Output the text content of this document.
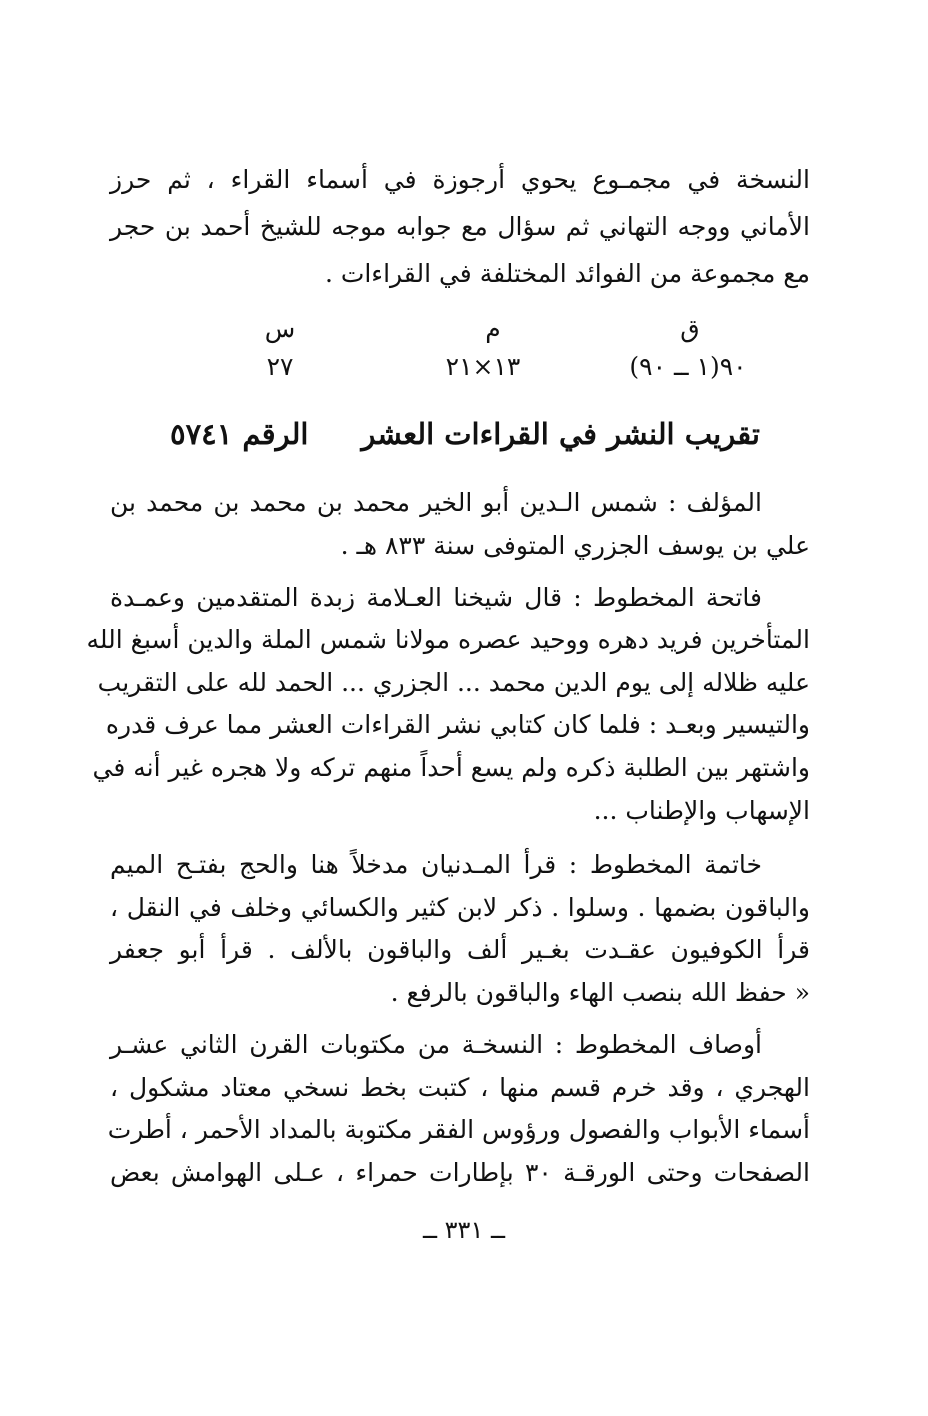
النسخة في مجمـوع يحوي أرجوزة في أسماء القراء ، ثم حرز
الأماني ووجه التهاني ثم سؤال مع جوابه موجه للشيخ أحمد بن حجر
مع مجموعة من الفوائد المختلفة في القراءات .
ق
م
س
٩٠(١ ــ ٩٠)
١٣×٢١
٢٧
تقريب النشر في القراءات العشر
الرقم ٥٧٤١
المؤلف : شمس الـدين أبو الخير محمد بن محمد بن محمد بن
علي بن يوسف الجزري المتوفى سنة ٨٣٣ هـ .
فاتحة المخطوط : قال شيخنا العـلامة زبدة المتقدمين وعمـدة
المتأخرين فريد دهره ووحيد عصره مولانا شمس الملة والدين أسبغ الله
عليه ظلاله إلى يوم الدين محمد ... الجزري ... الحمد لله على التقريب
والتيسير وبعـد : فلما كان كتابي نشر القراءات العشر مما عرف قدره
واشتهر بين الطلبة ذكره ولم يسع أحداً منهم تركه ولا هجره غير أنه في
الإسهاب والإطناب ...
خاتمة المخطوط : قرأ المـدنيان مدخلاً هنا والحج بفتـح الميم
والباقون بضمها . وسلوا . ذكر لابن كثير والكسائي وخلف في النقل ،
قرأ الكوفيون عقـدت بغـير ألف والباقون بالألف . قرأ أبو جعفر
« حفظ الله بنصب الهاء والباقون بالرفع .
أوصاف المخطوط : النسخـة من مكتوبات القرن الثاني عشـر
الهجري ، وقد خرم قسم منها ، كتبت بخط نسخي معتاد مشكول ،
أسماء الأبواب والفصول ورؤوس الفقر مكتوبة بالمداد الأحمر ، أطرت
الصفحات وحتى الورقـة ٣٠ بإطارات حمراء ، عـلى الهوامش بعض
ــ ٣٣١ ــ
